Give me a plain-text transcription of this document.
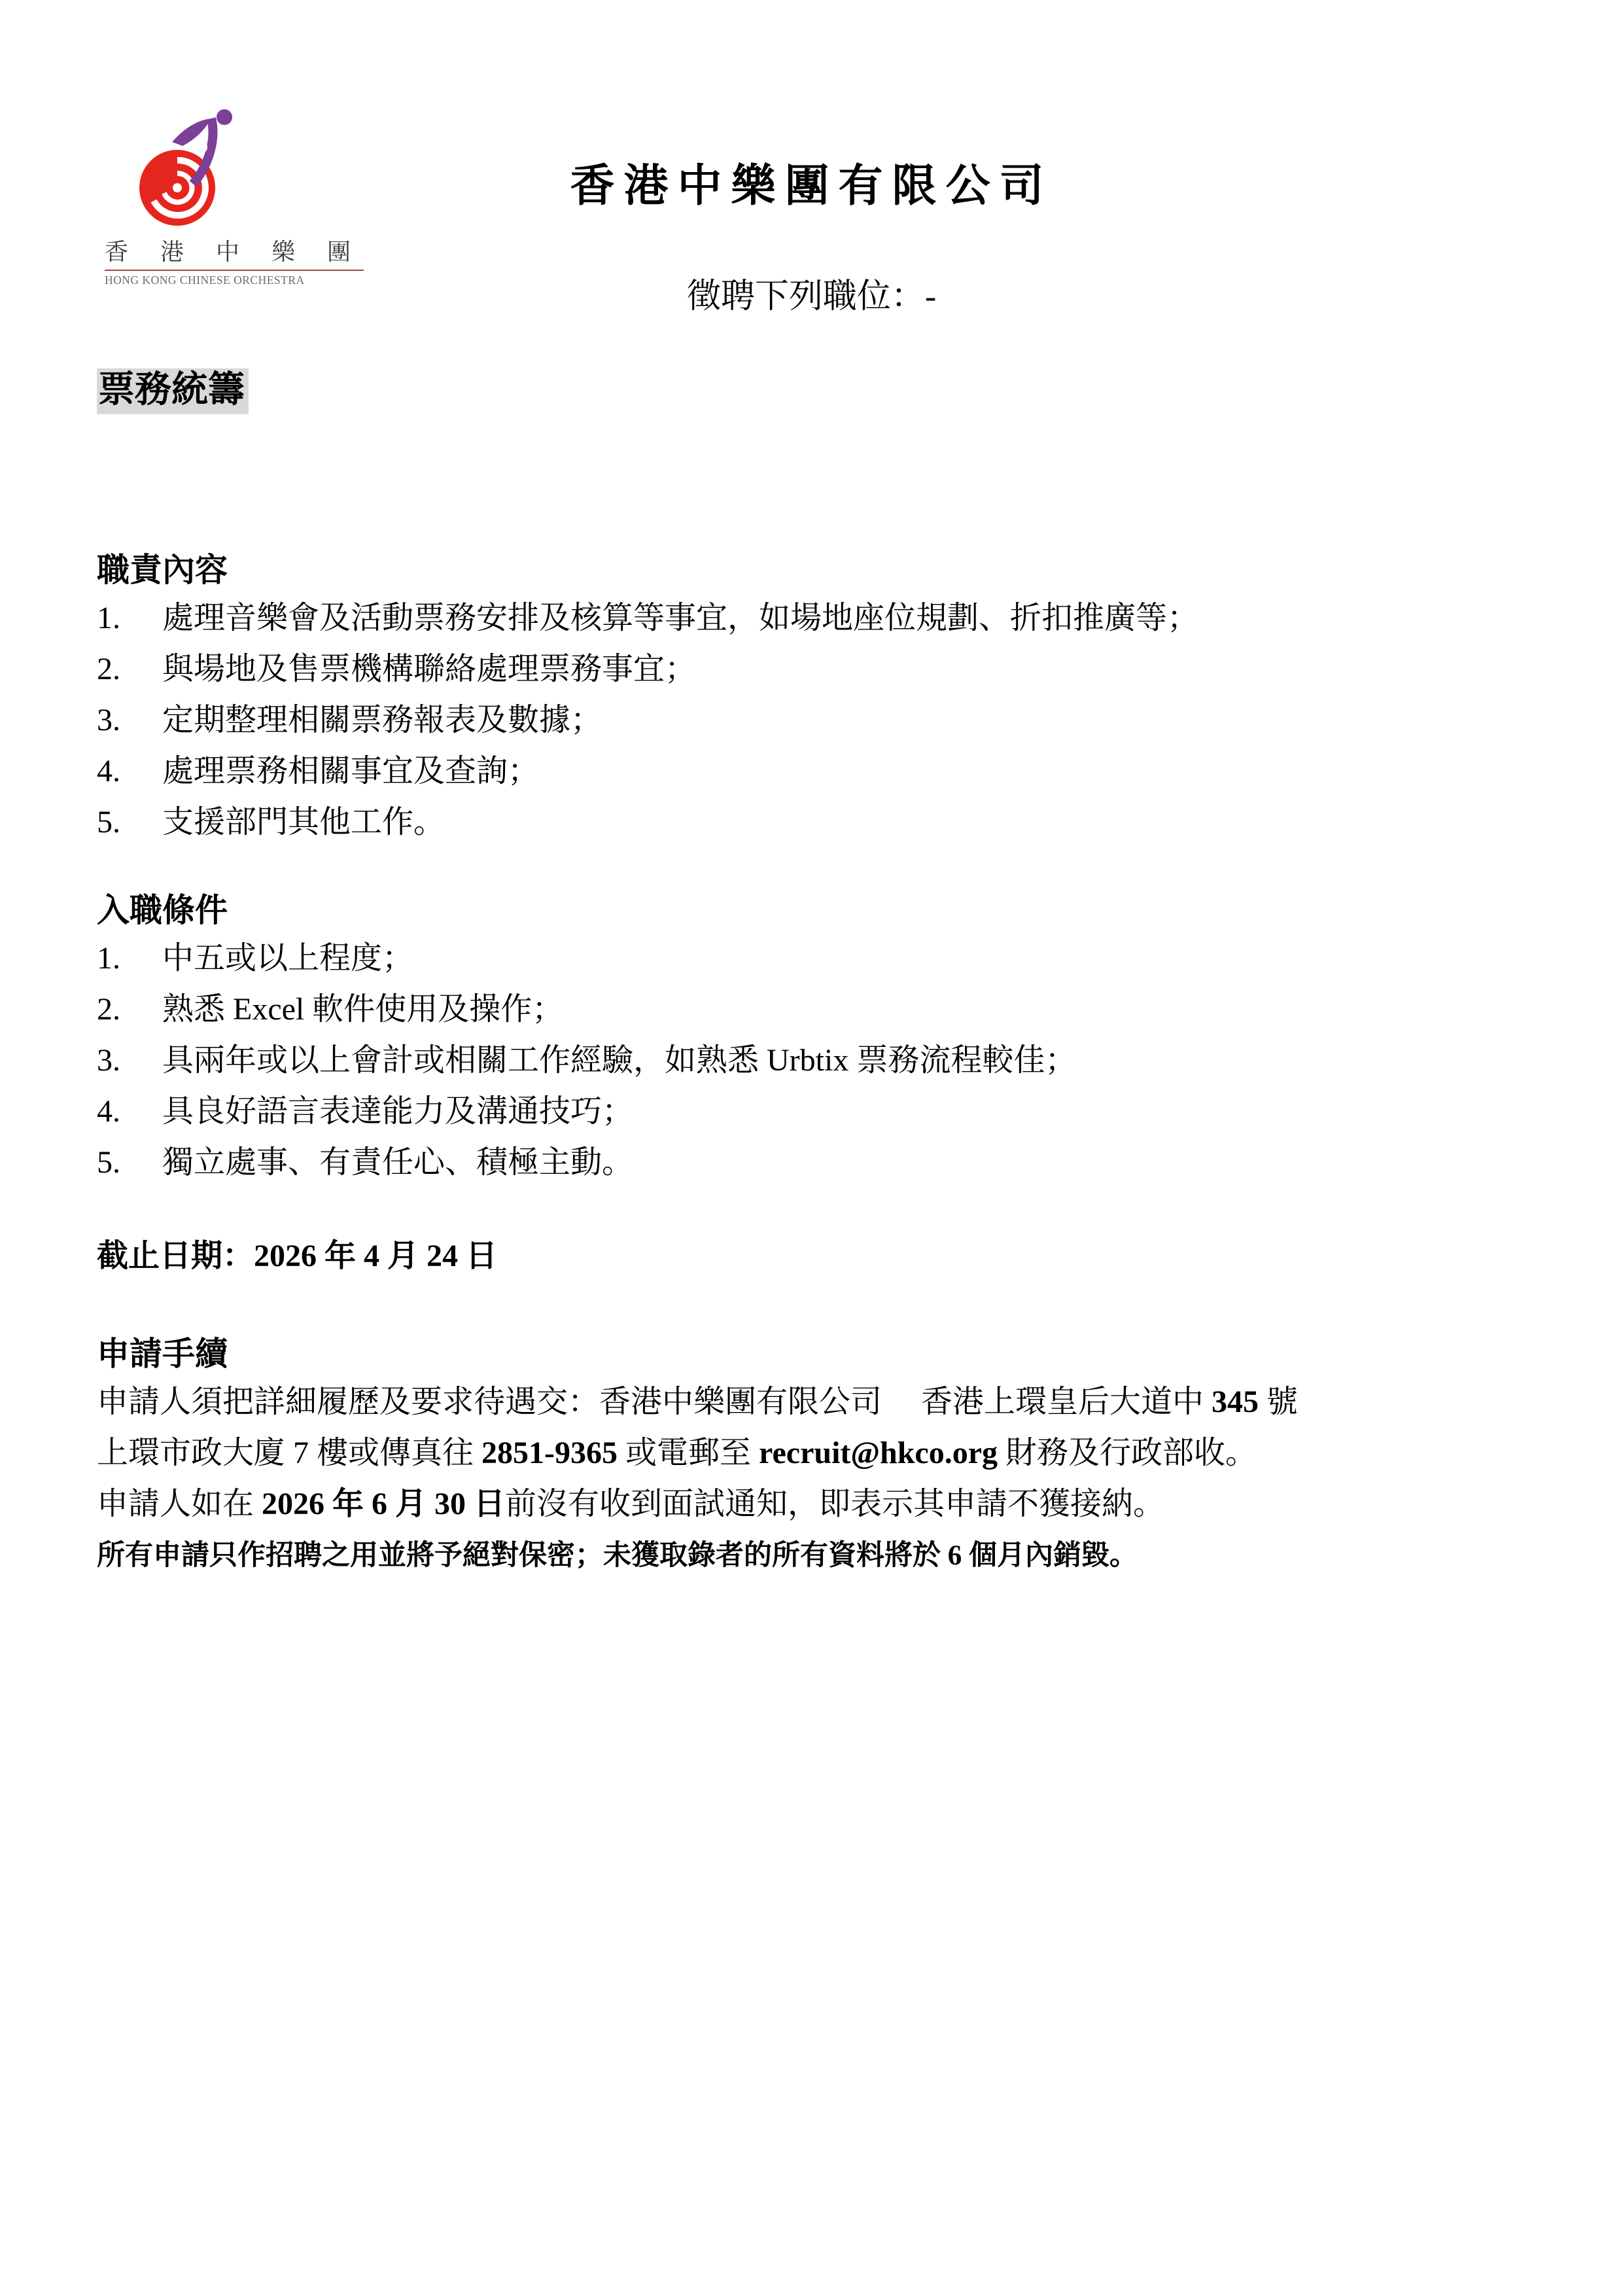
香 港 中 樂 團
HONG KONG CHINESE ORCHESTRA
香港中樂團有限公司
徵聘下列職位：-
票務統籌
職責內容
1.	處理音樂會及活動票務安排及核算等事宜，如場地座位規劃、折扣推廣等；
2.	與場地及售票機構聯絡處理票務事宜；
3.	定期整理相關票務報表及數據；
4.	處理票務相關事宜及查詢；
5.	支援部門其他工作。
入職條件
1.	中五或以上程度；
2.	熟悉 Excel 軟件使用及操作；
3.	具兩年或以上會計或相關工作經驗，如熟悉 Urbtix 票務流程較佳；
4.	具良好語言表達能力及溝通技巧；
5.	獨立處事、有責任心、積極主動。
截止日期：2026 年 4 月 24 日
申請手續
申請人須把詳細履歷及要求待遇交：香港中樂團有限公司　 香港上環皇后大道中 345 號
上環市政大廈 7 樓或傳真往 2851-9365 或電郵至 recruit@hkco.org 財務及行政部收。
申請人如在 2026 年 6 月 30 日前沒有收到面試通知，即表示其申請不獲接納。
所有申請只作招聘之用並將予絕對保密；未獲取錄者的所有資料將於 6 個月內銷毀。
